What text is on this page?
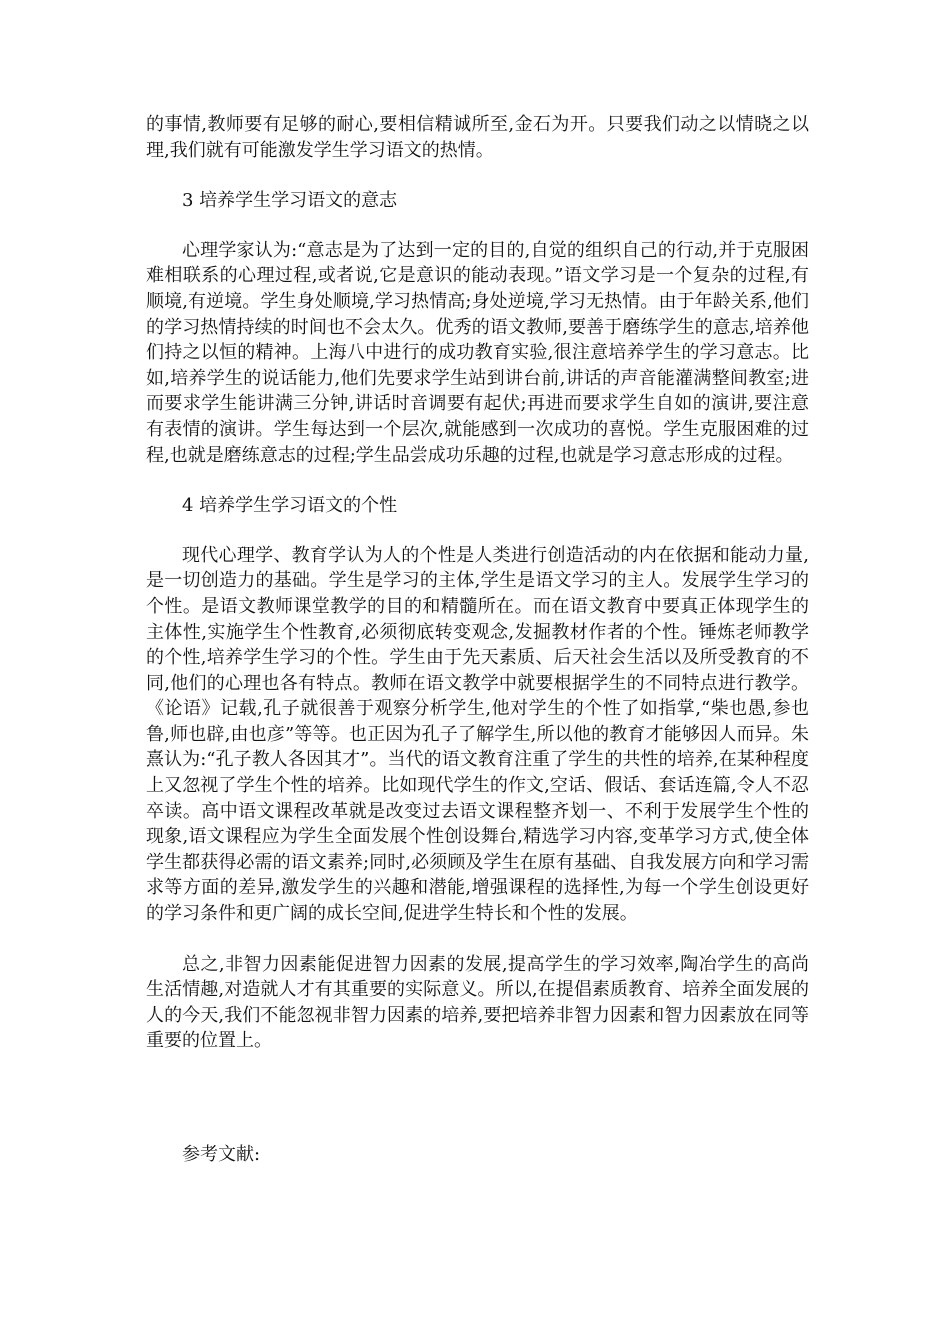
的事情,教师要有足够的耐心,要相信精诚所至,金石为开。只要我们动之以情晓之以理,我们就有可能激发学生学习语文的热情。

3 培养学生学习语文的意志

心理学家认为:“意志是为了达到一定的目的,自觉的组织自己的行动,并于克服困难相联系的心理过程,或者说,它是意识的能动表现。”语文学习是一个复杂的过程,有顺境,有逆境。学生身处顺境,学习热情高;身处逆境,学习无热情。由于年龄关系,他们的学习热情持续的时间也不会太久。优秀的语文教师,要善于磨练学生的意志,培养他们持之以恒的精神。上海八中进行的成功教育实验,很注意培养学生的学习意志。比如,培养学生的说话能力,他们先要求学生站到讲台前,讲话的声音能灌满整间教室;进而要求学生能讲满三分钟,讲话时音调要有起伏;再进而要求学生自如的演讲,要注意有表情的演讲。学生每达到一个层次,就能感到一次成功的喜悦。学生克服困难的过程,也就是磨练意志的过程;学生品尝成功乐趣的过程,也就是学习意志形成的过程。

4 培养学生学习语文的个性

现代心理学、教育学认为人的个性是人类进行创造活动的内在依据和能动力量,是一切创造力的基础。学生是学习的主体,学生是语文学习的主人。发展学生学习的个性。是语文教师课堂教学的目的和精髓所在。而在语文教育中要真正体现学生的主体性,实施学生个性教育,必须彻底转变观念,发掘教材作者的个性。锤炼老师教学的个性,培养学生学习的个性。学生由于先天素质、后天社会生活以及所受教育的不同,他们的心理也各有特点。教师在语文教学中就要根据学生的不同特点进行教学。《论语》记载,孔子就很善于观察分析学生,他对学生的个性了如指掌,“柴也愚,参也鲁,师也辟,由也彦”等等。也正因为孔子了解学生,所以他的教育才能够因人而异。朱熹认为:“孔子教人各因其才”。当代的语文教育注重了学生的共性的培养,在某种程度上又忽视了学生个性的培养。比如现代学生的作文,空话、假话、套话连篇,令人不忍卒读。高中语文课程改革就是改变过去语文课程整齐划一、不利于发展学生个性的现象,语文课程应为学生全面发展个性创设舞台,精选学习内容,变革学习方式,使全体学生都获得必需的语文素养;同时,必须顾及学生在原有基础、自我发展方向和学习需求等方面的差异,激发学生的兴趣和潜能,增强课程的选择性,为每一个学生创设更好的学习条件和更广阔的成长空间,促进学生特长和个性的发展。

总之,非智力因素能促进智力因素的发展,提高学生的学习效率,陶冶学生的高尚生活情趣,对造就人才有其重要的实际意义。所以,在提倡素质教育、培养全面发展的人的今天,我们不能忽视非智力因素的培养,要把培养非智力因素和智力因素放在同等重要的位置上。

参考文献:
